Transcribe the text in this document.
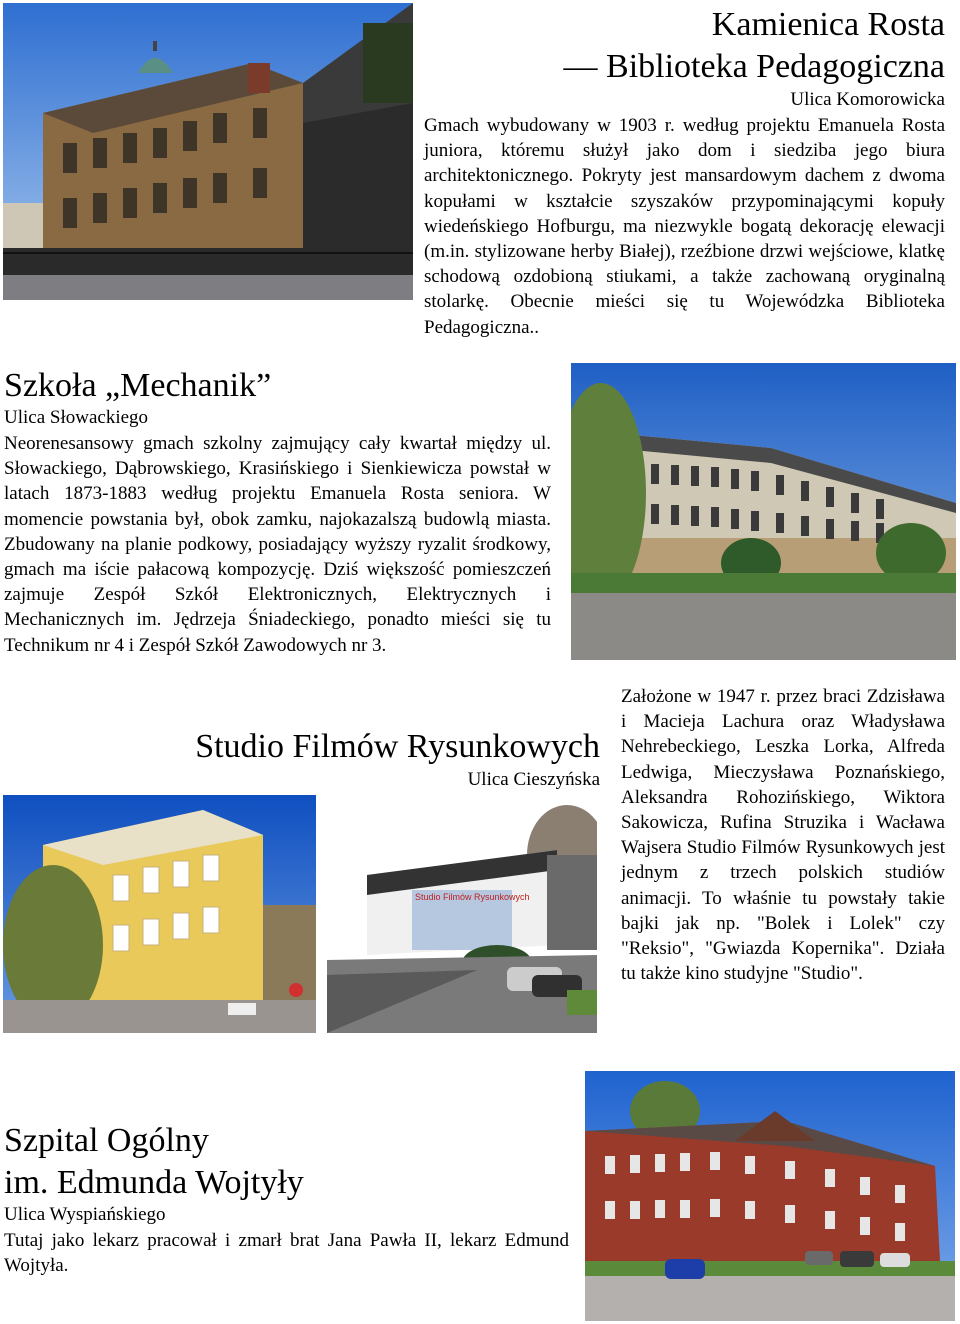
Kamienica Rosta
— Biblioteka Pedagogiczna
Ulica Komorowicka
Gmach wybudowany w 1903 r. według projektu Emanuela Rosta juniora, któremu służył jako dom i siedziba jego biura architektonicznego. Pokryty jest mansardowym dachem z dwoma kopułami w kształcie szyszaków przypominającymi kopuły wiedeńskiego Hofburgu, ma niezwykle bogatą dekorację elewacji (m.in. stylizowane herby Białej), rzeźbione drzwi wejściowe, klatkę schodową ozdobioną stiukami, a także zachowaną oryginalną stolarkę. Obecnie mieści się tu Wojewódzka Biblioteka Pedagogiczna..
Szkoła „Mechanik”
Ulica Słowackiego
Neorenesansowy gmach szkolny zajmujący cały kwartał między ul. Słowackiego, Dąbrowskiego, Krasińskiego i Sienkiewicza powstał w latach 1873-1883 według projektu Emanuela Rosta seniora. W momencie powstania był, obok zamku, najokazalszą budowlą miasta. Zbudowany na planie podkowy, posiadający wyższy ryzalit środkowy, gmach ma iście pałacową kompozycję. Dziś większość pomieszczeń zajmuje Zespół Szkół Elektronicznych, Elektrycznych i Mechanicznych im. Jędrzeja Śniadeckiego, ponadto mieści się tu Technikum nr 4 i Zespół Szkół Zawodowych nr 3.
Studio Filmów Rysunkowych
Ulica Cieszyńska
Założone w 1947 r. przez braci Zdzisława i Macieja Lachura oraz Władysława Nehrebeckiego, Leszka Lorka, Alfreda Ledwiga, Mieczysława Poznańskiego, Aleksandra Rohozińskiego, Wiktora Sakowicza, Rufina Struzika i Wacława Wajsera Studio Filmów Rysunkowych jest jednym z trzech polskich studiów animacji. To właśnie tu powstały takie bajki jak np. "Bolek i Lolek" czy "Reksio", "Gwiazda Kopernika". Działa tu także kino studyjne "Studio".
Studio Filmów Rysunkowych
Szpital Ogólny
im. Edmunda Wojtyły
Ulica Wyspiańskiego
Tutaj jako lekarz pracował i zmarł brat Jana Pawła II, lekarz Edmund Wojtyła.
